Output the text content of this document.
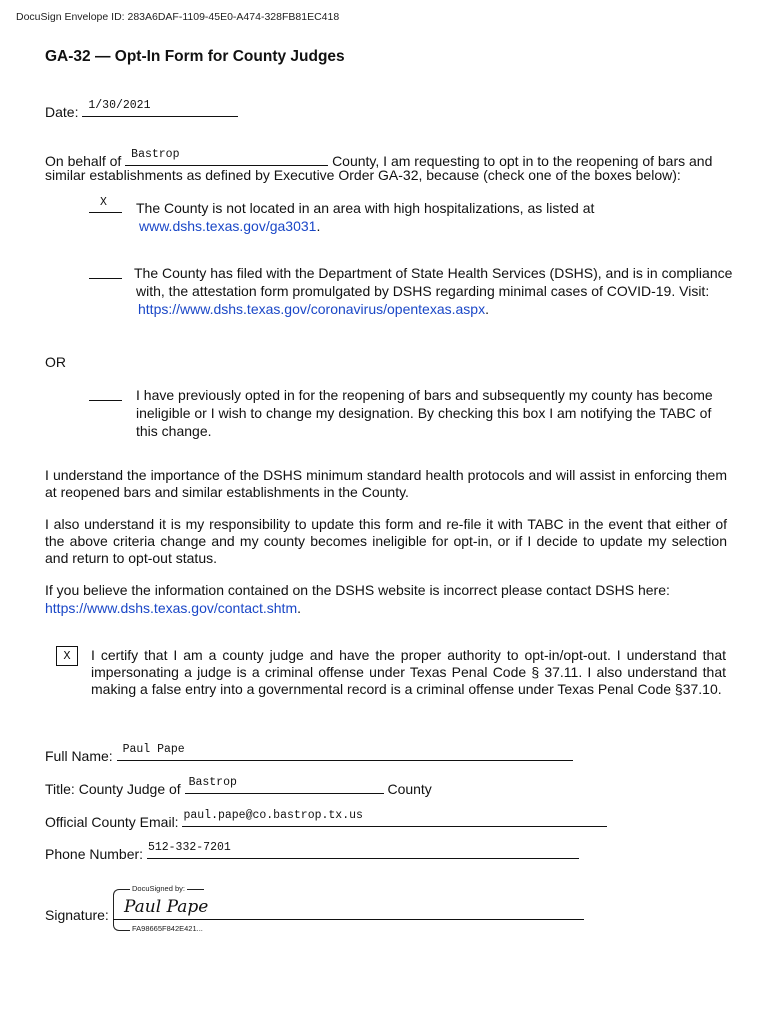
DocuSign Envelope ID: 283A6DAF-1109-45E0-A474-328FB81EC418
GA-32 — Opt-In Form for County Judges
Date: 1/30/2021
On behalf of Bastrop	County, I am requesting to opt in to the reopening of bars and
similar establishments as defined by Executive Order GA-32, because (check one of the boxes below):
X The County is not located in an area with high hospitalizations, as listed at
www.dshs.texas.gov/ga3031.
The County has filed with the Department of State Health Services (DSHS), and is in compliance
with, the attestation form promulgated by DSHS regarding minimal cases of COVID-19. Visit:
https://www.dshs.texas.gov/coronavirus/opentexas.aspx.
OR
I have previously opted in for the reopening of bars and subsequently my county has become
ineligible or I wish to change my designation. By checking this box I am notifying the TABC of
this change.
I understand the importance of the DSHS minimum standard health protocols and will assist in enforcing them at reopened bars and similar establishments in the County.
I also understand it is my responsibility to update this form and re-file it with TABC in the event that either of the above criteria change and my county becomes ineligible for opt-in, or if I decide to update my selection and return to opt-out status.
If you believe the information contained on the DSHS website is incorrect please contact DSHS here:
https://www.dshs.texas.gov/contact.shtm.
X	I certify that I am a county judge and have the proper authority to opt-in/opt-out. I understand that impersonating a judge is a criminal offense under Texas Penal Code § 37.11. I also understand that making a false entry into a governmental record is a criminal offense under Texas Penal Code §37.10.
Full Name: Paul Pape
Title: County Judge of Bastrop	County
Official County Email: paul.pape@co.bastrop.tx.us
Phone Number: 512-332-7201
DocuSigned by:
FA98665F842E421...
Paul Pape
Signature:
